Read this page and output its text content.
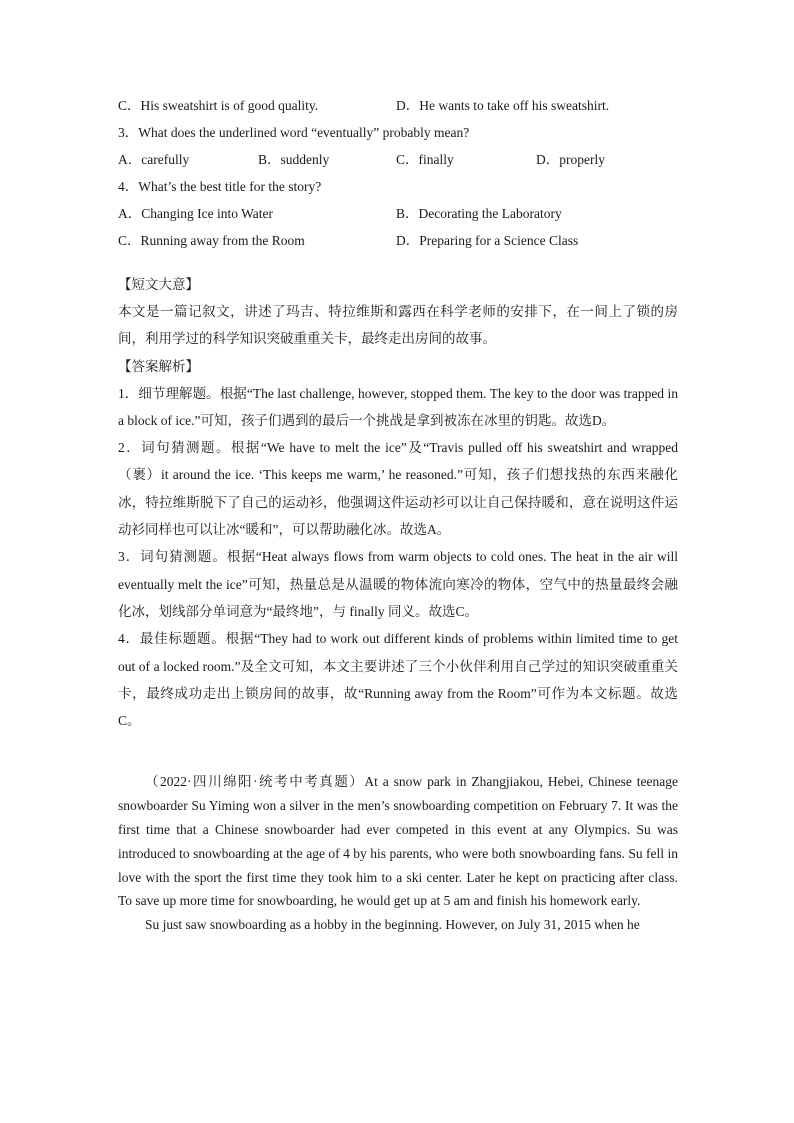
C．His sweatshirt is of good quality.	D．He wants to take off his sweatshirt.
3．What does the underlined word “eventually” probably mean?
A．carefully	B．suddenly	C．finally	D．properly
4．What’s the best title for the story?
A．Changing Ice into Water	B．Decorating the Laboratory
C．Running away from the Room	D．Preparing for a Science Class
【短文大意】

本文是一篇记叙文，讲述了玛吉、特拉维斯和露西在科学老师的安排下，在一间上了锁的房间，利用学过的科学知识突破重重关卡，最终走出房间的故事。

【答案解析】

1．细节理解题。根据“The last challenge, however, stopped them. The key to the door was trapped in a block of ice.”可知，孩子们遇到的最后一个挑战是拿到被冻在冰里的钥匙。故选D。

2．词句猜测题。根据“We have to melt the ice”及“Travis pulled off his sweatshirt and wrapped（裹）it around the ice. ‘This keeps me warm,’ he reasoned.”可知，孩子们想找热的东西来融化冰，特拉维斯脱下了自己的运动衫，他强调这件运动衫可以让自己保持暖和，意在说明这件运动衫同样也可以让冰“暖和”，可以帮助融化冰。故选A。

3．词句猜测题。根据“Heat always flows from warm objects to cold ones. The heat in the air will eventually melt the ice”可知，热量总是从温暖的物体流向寒冷的物体，空气中的热量最终会融化冰，划线部分单词意为“最终地”，与 finally 同义。故选C。

4．最佳标题题。根据“They had to work out different kinds of problems within limited time to get out of a locked room.”及全文可知，本文主要讲述了三个小伙伴利用自己学过的知识突破重重关卡，最终成功走出上锁房间的故事，故“Running away from the Room”可作为本文标题。故选C。

（2022·四川绵阳·统考中考真题）At a snow park in Zhangjiakou, Hebei, Chinese teenage snowboarder Su Yiming won a silver in the men’s snowboarding competition on February 7. It was the first time that a Chinese snowboarder had ever competed in this event at any Olympics. Su was introduced to snowboarding at the age of 4 by his parents, who were both snowboarding fans. Su fell in love with the sport the first time they took him to a ski center. Later he kept on practicing after class. To save up more time for snowboarding, he would get up at 5 am and finish his homework early.

Su just saw snowboarding as a hobby in the beginning. However, on July 31, 2015 when he
